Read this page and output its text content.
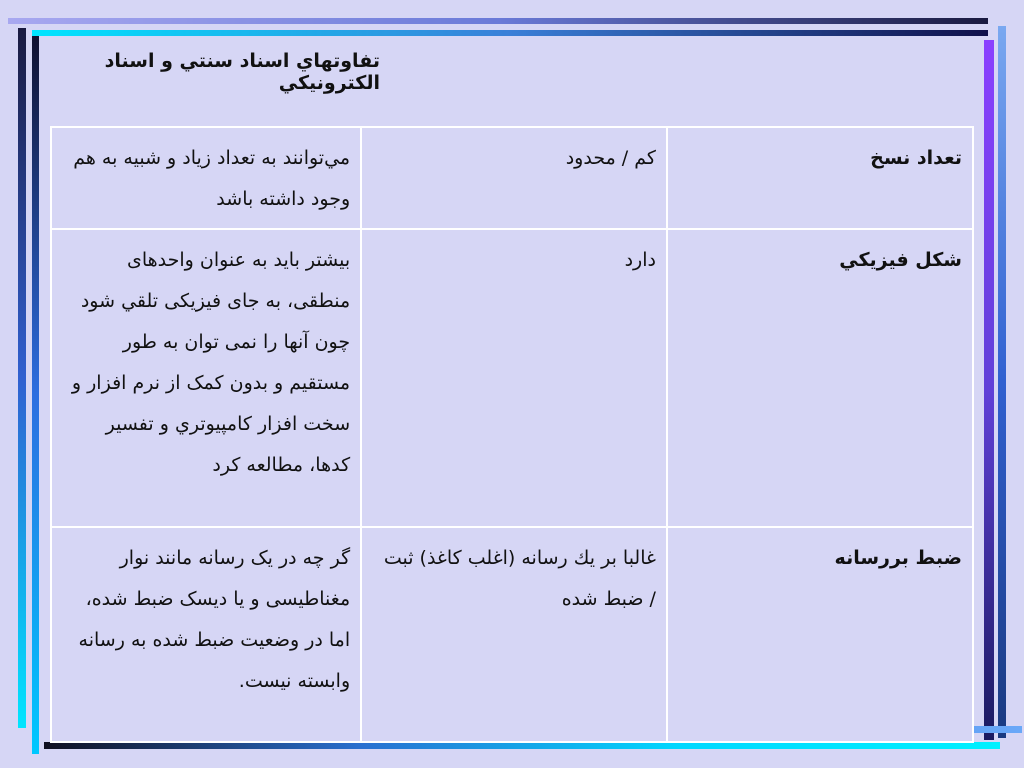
تفاوتهاي اسناد سنتي و اسناد الكترونيكي
تعداد نسخ	کم / محدود	مي‌توانند به تعداد زياد و شبيه به هم وجود داشته باشد
شكل فيزيكي	دارد	بیشتر باید به عنوان واحدهای منطقی، به جای فیزیکی تلقي شود چون آنها را نمی توان به طور مستقیم و بدون کمک از نرم افزار و سخت افزار كامپيوتري و تفسیر کدها، مطالعه كرد
ضبط بررسانه	غالبا بر يك رسانه (اغلب كاغذ) ثبت / ضبط شده	گر چه در یک رسانه مانند نوار مغناطیسی و یا دیسک ضبط شده، اما در وضعیت ضبط شده به رسانه وابسته نیست.
